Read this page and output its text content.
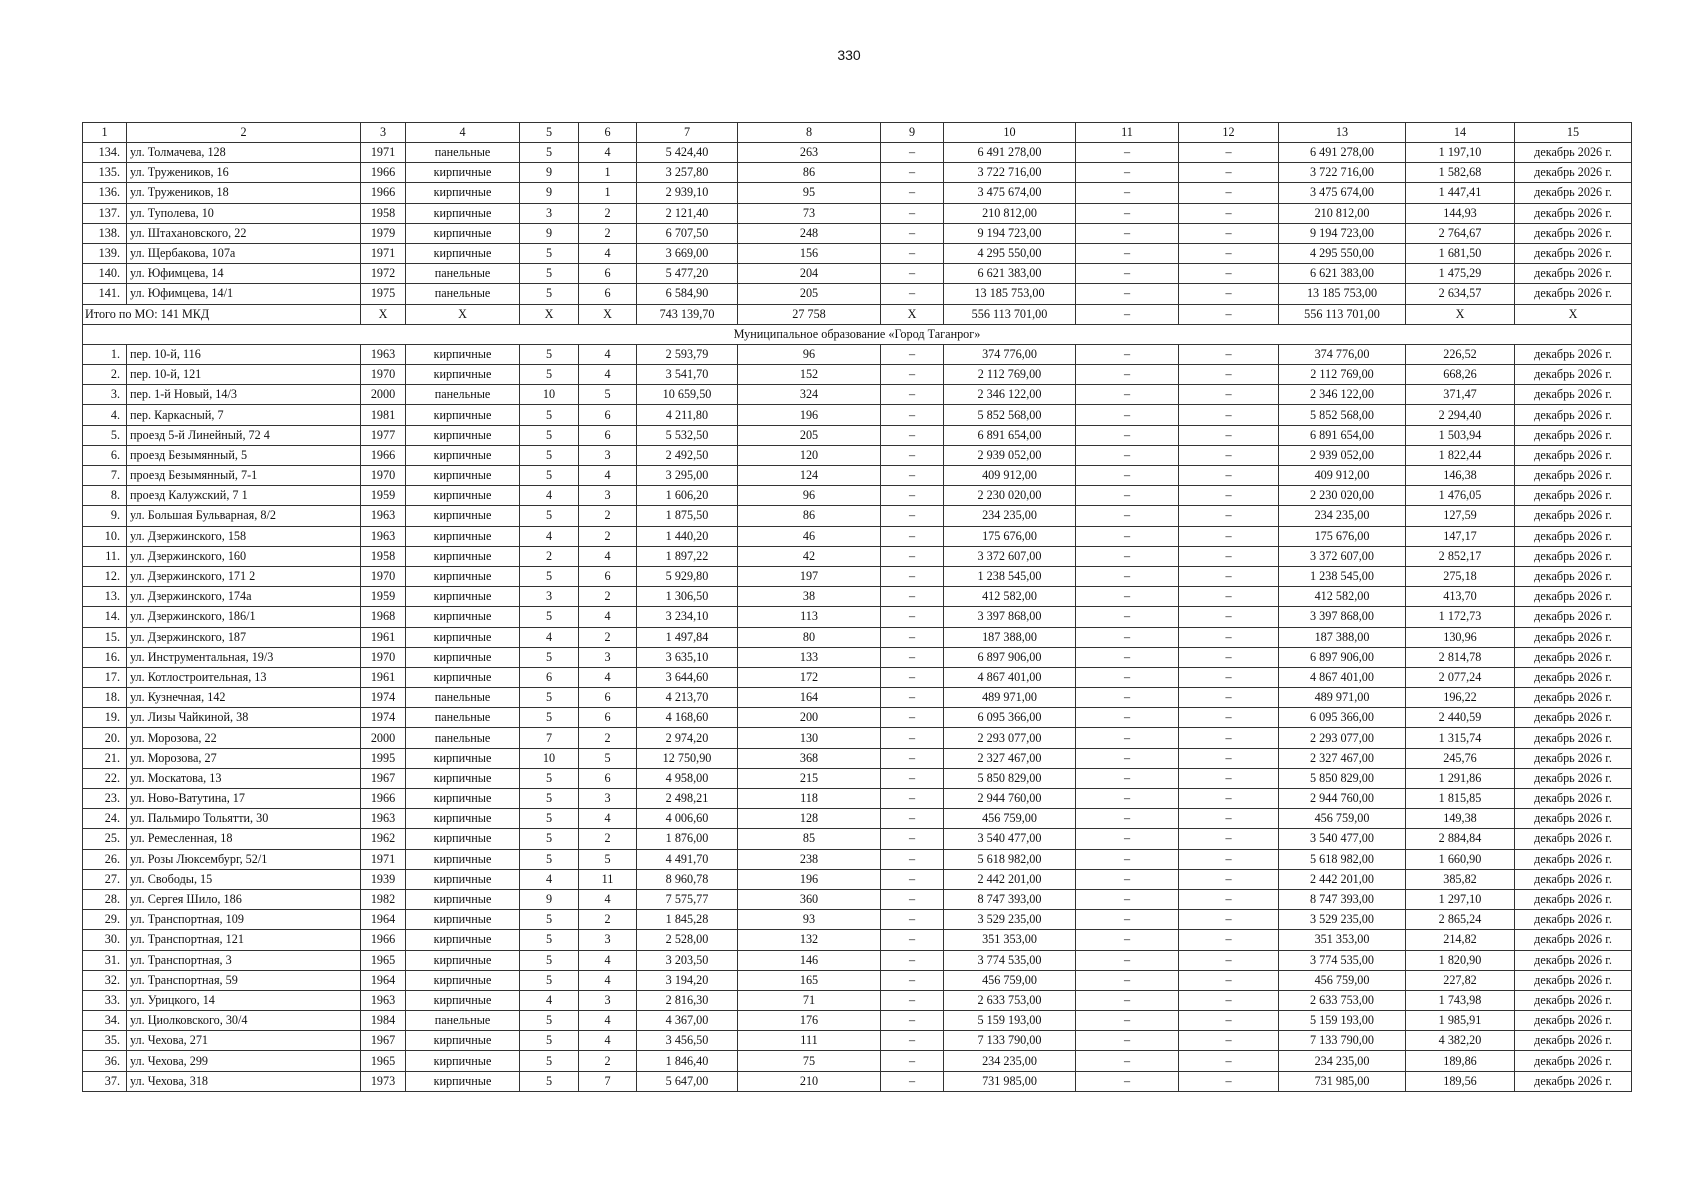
330
1	2	3	4	5	6	7	8	9	10	11	12	13	14	15
134.	ул. Толмачева, 128	1971	панельные	5	4	5 424,40	263	–	6 491 278,00	–	–	6 491 278,00	1 197,10	декабрь 2026 г.
135.	ул. Тружеников, 16	1966	кирпичные	9	1	3 257,80	86	–	3 722 716,00	–	–	3 722 716,00	1 582,68	декабрь 2026 г.
136.	ул. Тружеников, 18	1966	кирпичные	9	1	2 939,10	95	–	3 475 674,00	–	–	3 475 674,00	1 447,41	декабрь 2026 г.
137.	ул. Туполева, 10	1958	кирпичные	3	2	2 121,40	73	–	210 812,00	–	–	210 812,00	144,93	декабрь 2026 г.
138.	ул. Штахановского, 22	1979	кирпичные	9	2	6 707,50	248	–	9 194 723,00	–	–	9 194 723,00	2 764,67	декабрь 2026 г.
139.	ул. Щербакова, 107а	1971	кирпичные	5	4	3 669,00	156	–	4 295 550,00	–	–	4 295 550,00	1 681,50	декабрь 2026 г.
140.	ул. Юфимцева, 14	1972	панельные	5	6	5 477,20	204	–	6 621 383,00	–	–	6 621 383,00	1 475,29	декабрь 2026 г.
141.	ул. Юфимцева, 14/1	1975	панельные	5	6	6 584,90	205	–	13 185 753,00	–	–	13 185 753,00	2 634,57	декабрь 2026 г.
Итого по МО: 141 МКД		Х	Х	Х	Х	743 139,70	27 758	Х	556 113 701,00	–	–	556 113 701,00	Х	Х
Муниципальное образование «Город Таганрог»														
1.	пер. 10-й, 116	1963	кирпичные	5	4	2 593,79	96	–	374 776,00	–	–	374 776,00	226,52	декабрь 2026 г.
2.	пер. 10-й, 121	1970	кирпичные	5	4	3 541,70	152	–	2 112 769,00	–	–	2 112 769,00	668,26	декабрь 2026 г.
3.	пер. 1-й Новый, 14/3	2000	панельные	10	5	10 659,50	324	–	2 346 122,00	–	–	2 346 122,00	371,47	декабрь 2026 г.
4.	пер. Каркасный, 7	1981	кирпичные	5	6	4 211,80	196	–	5 852 568,00	–	–	5 852 568,00	2 294,40	декабрь 2026 г.
5.	проезд 5-й Линейный, 72 4	1977	кирпичные	5	6	5 532,50	205	–	6 891 654,00	–	–	6 891 654,00	1 503,94	декабрь 2026 г.
6.	проезд Безымянный, 5	1966	кирпичные	5	3	2 492,50	120	–	2 939 052,00	–	–	2 939 052,00	1 822,44	декабрь 2026 г.
7.	проезд Безымянный, 7-1	1970	кирпичные	5	4	3 295,00	124	–	409 912,00	–	–	409 912,00	146,38	декабрь 2026 г.
8.	проезд Калужский, 7 1	1959	кирпичные	4	3	1 606,20	96	–	2 230 020,00	–	–	2 230 020,00	1 476,05	декабрь 2026 г.
9.	ул. Большая Бульварная, 8/2	1963	кирпичные	5	2	1 875,50	86	–	234 235,00	–	–	234 235,00	127,59	декабрь 2026 г.
10.	ул. Дзержинского, 158	1963	кирпичные	4	2	1 440,20	46	–	175 676,00	–	–	175 676,00	147,17	декабрь 2026 г.
11.	ул. Дзержинского, 160	1958	кирпичные	2	4	1 897,22	42	–	3 372 607,00	–	–	3 372 607,00	2 852,17	декабрь 2026 г.
12.	ул. Дзержинского, 171 2	1970	кирпичные	5	6	5 929,80	197	–	1 238 545,00	–	–	1 238 545,00	275,18	декабрь 2026 г.
13.	ул. Дзержинского, 174а	1959	кирпичные	3	2	1 306,50	38	–	412 582,00	–	–	412 582,00	413,70	декабрь 2026 г.
14.	ул. Дзержинского, 186/1	1968	кирпичные	5	4	3 234,10	113	–	3 397 868,00	–	–	3 397 868,00	1 172,73	декабрь 2026 г.
15.	ул. Дзержинского, 187	1961	кирпичные	4	2	1 497,84	80	–	187 388,00	–	–	187 388,00	130,96	декабрь 2026 г.
16.	ул. Инструментальная, 19/3	1970	кирпичные	5	3	3 635,10	133	–	6 897 906,00	–	–	6 897 906,00	2 814,78	декабрь 2026 г.
17.	ул. Котлостроительная, 13	1961	кирпичные	6	4	3 644,60	172	–	4 867 401,00	–	–	4 867 401,00	2 077,24	декабрь 2026 г.
18.	ул. Кузнечная, 142	1974	панельные	5	6	4 213,70	164	–	489 971,00	–	–	489 971,00	196,22	декабрь 2026 г.
19.	ул. Лизы Чайкиной, 38	1974	панельные	5	6	4 168,60	200	–	6 095 366,00	–	–	6 095 366,00	2 440,59	декабрь 2026 г.
20.	ул. Морозова, 22	2000	панельные	7	2	2 974,20	130	–	2 293 077,00	–	–	2 293 077,00	1 315,74	декабрь 2026 г.
21.	ул. Морозова, 27	1995	кирпичные	10	5	12 750,90	368	–	2 327 467,00	–	–	2 327 467,00	245,76	декабрь 2026 г.
22.	ул. Москатова, 13	1967	кирпичные	5	6	4 958,00	215	–	5 850 829,00	–	–	5 850 829,00	1 291,86	декабрь 2026 г.
23.	ул. Ново-Ватутина, 17	1966	кирпичные	5	3	2 498,21	118	–	2 944 760,00	–	–	2 944 760,00	1 815,85	декабрь 2026 г.
24.	ул. Пальмиро Тольятти, 30	1963	кирпичные	5	4	4 006,60	128	–	456 759,00	–	–	456 759,00	149,38	декабрь 2026 г.
25.	ул. Ремесленная, 18	1962	кирпичные	5	2	1 876,00	85	–	3 540 477,00	–	–	3 540 477,00	2 884,84	декабрь 2026 г.
26.	ул. Розы Люксембург, 52/1	1971	кирпичные	5	5	4 491,70	238	–	5 618 982,00	–	–	5 618 982,00	1 660,90	декабрь 2026 г.
27.	ул. Свободы, 15	1939	кирпичные	4	11	8 960,78	196	–	2 442 201,00	–	–	2 442 201,00	385,82	декабрь 2026 г.
28.	ул. Сергея Шило, 186	1982	кирпичные	9	4	7 575,77	360	–	8 747 393,00	–	–	8 747 393,00	1 297,10	декабрь 2026 г.
29.	ул. Транспортная, 109	1964	кирпичные	5	2	1 845,28	93	–	3 529 235,00	–	–	3 529 235,00	2 865,24	декабрь 2026 г.
30.	ул. Транспортная, 121	1966	кирпичные	5	3	2 528,00	132	–	351 353,00	–	–	351 353,00	214,82	декабрь 2026 г.
31.	ул. Транспортная, 3	1965	кирпичные	5	4	3 203,50	146	–	3 774 535,00	–	–	3 774 535,00	1 820,90	декабрь 2026 г.
32.	ул. Транспортная, 59	1964	кирпичные	5	4	3 194,20	165	–	456 759,00	–	–	456 759,00	227,82	декабрь 2026 г.
33.	ул. Урицкого, 14	1963	кирпичные	4	3	2 816,30	71	–	2 633 753,00	–	–	2 633 753,00	1 743,98	декабрь 2026 г.
34.	ул. Циолковского, 30/4	1984	панельные	5	4	4 367,00	176	–	5 159 193,00	–	–	5 159 193,00	1 985,91	декабрь 2026 г.
35.	ул. Чехова, 271	1967	кирпичные	5	4	3 456,50	111	–	7 133 790,00	–	–	7 133 790,00	4 382,20	декабрь 2026 г.
36.	ул. Чехова, 299	1965	кирпичные	5	2	1 846,40	75	–	234 235,00	–	–	234 235,00	189,86	декабрь 2026 г.
37.	ул. Чехова, 318	1973	кирпичные	5	7	5 647,00	210	–	731 985,00	–	–	731 985,00	189,56	декабрь 2026 г.
